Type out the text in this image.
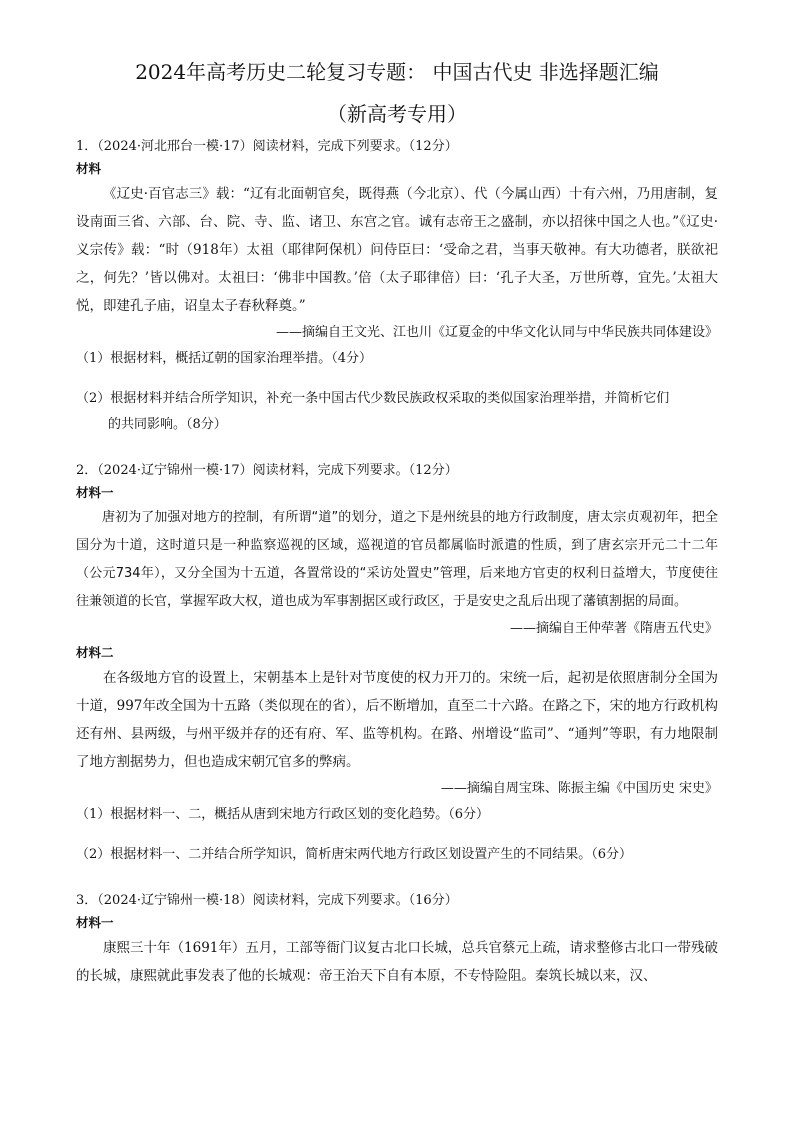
2024年高考历史二轮复习专题： 中国古代史 非选择题汇编
（新高考专用）

1．（2024·河北邢台一模·17）阅读材料，完成下列要求。（12分）

材料

《辽史·百官志三》载：“辽有北面朝官矣，既得燕（今北京）、代（今属山西）十有六州，乃用唐制，复设南面三省、六部、台、院、寺、监、诸卫、东宫之官。诚有志帝王之盛制，亦以招徕中国之人也。”《辽史·义宗传》载：“时（918年）太祖（耶律阿保机）问侍臣曰：‘受命之君，当事天敬神。有大功德者，朕欲祀之，何先？’皆以佛对。太祖曰：‘佛非中国教。’倍（太子耶律倍）曰：‘孔子大圣，万世所尊，宜先。’太祖大悦，即建孔子庙，诏皇太子春秋释奠。”

——摘编自王文光、江也川《辽夏金的中华文化认同与中华民族共同体建设》

（1）根据材料，概括辽朝的国家治理举措。（4分）

（2）根据材料并结合所学知识，补充一条中国古代少数民族政权采取的类似国家治理举措，并简析它们
的共同影响。（8分）

2．（2024·辽宁锦州一模·17）阅读材料，完成下列要求。（12分）

材料一

唐初为了加强对地方的控制，有所谓“道”的划分，道之下是州统县的地方行政制度，唐太宗贞观初年，把全国分为十道，这时道只是一种监察巡视的区域，巡视道的官员都属临时派遣的性质，到了唐玄宗开元二十二年（公元734年），又分全国为十五道，各置常设的“采访处置史”管理，后来地方官吏的权利日益增大，节度使往往兼领道的长官，掌握军政大权，道也成为军事割据区或行政区，于是安史之乱后出现了藩镇割据的局面。

——摘编自王仲荦著《隋唐五代史》

材料二

在各级地方官的设置上，宋朝基本上是针对节度使的权力开刀的。宋统一后，起初是依照唐制分全国为十道，997年改全国为十五路（类似现在的省），后不断增加，直至二十六路。在路之下，宋的地方行政机构还有州、县两级，与州平级并存的还有府、军、监等机构。在路、州增设“监司”、“通判”等职，有力地限制了地方割据势力，但也造成宋朝冗官多的弊病。

——摘编自周宝珠、陈振主编《中国历史 宋史》

（1）根据材料一、二，概括从唐到宋地方行政区划的变化趋势。（6分）

（2）根据材料一、二并结合所学知识，简析唐宋两代地方行政区划设置产生的不同结果。（6分）

3．（2024·辽宁锦州一模·18）阅读材料，完成下列要求。（16分）

材料一

康熙三十年（1691年）五月，工部等衙门议复古北口长城，总兵官蔡元上疏，请求整修古北口一带残破的长城，康熙就此事发表了他的长城观：帝王治天下自有本原，不专恃险阻。秦筑长城以来，汉、
